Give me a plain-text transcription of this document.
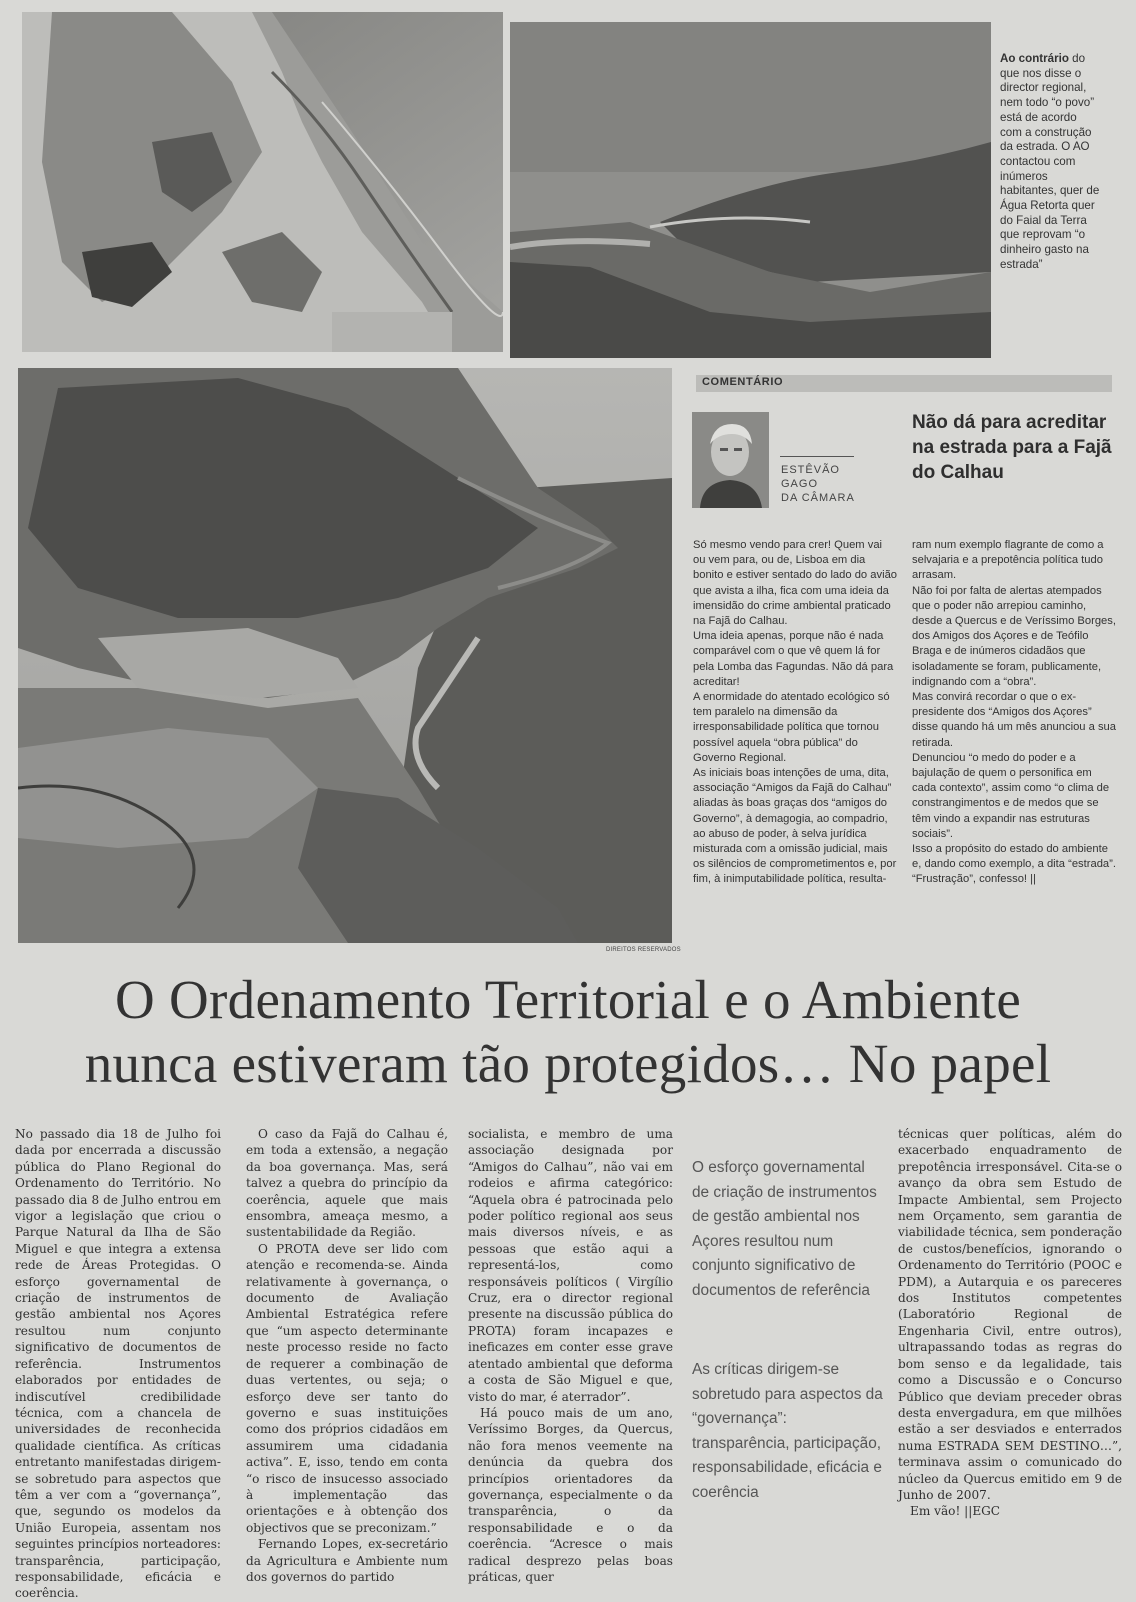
Ao contrário do que nos disse o director regional, nem todo “o povo” está de acordo com a construção da estrada. O AO contactou com inúmeros habitantes, quer de Água Retorta quer do Faial da Terra que reprovam “o dinheiro gasto na estrada”
DIREITOS RESERVADOS
COMENTÁRIO
ESTÊVÃO
GAGO
DA CÂMARA
Não dá para acreditar na estrada para a Fajã do Calhau

Só mesmo vendo para crer! Quem vai ou vem para, ou de, Lisboa em dia bonito e estiver sentado do lado do avião que avista a ilha, fica com uma ideia da imensidão do crime ambiental praticado na Fajã do Calhau.

Uma ideia apenas, porque não é nada comparável com o que vê quem lá for pela Lomba das Fagundas. Não dá para acreditar!

A enormidade do atentado ecológico só tem paralelo na dimensão da irresponsabilidade política que tornou possível aquela “obra pública” do Governo Regional.

As iniciais boas intenções de uma, dita, associação “Amigos da Fajã do Calhau” aliadas às boas graças dos “amigos do Governo”, à demagogia, ao compadrio, ao abuso de poder, à selva jurídica misturada com a omissão judicial, mais os silêncios de comprometimentos e, por fim, à inimputabilidade política, resulta-

ram num exemplo flagrante de como a selvajaria e a prepotência política tudo arrasam.

Não foi por falta de alertas atempados que o poder não arrepiou caminho, desde a Quercus e de Veríssimo Borges, dos Amigos dos Açores e de Teófilo Braga e de inúmeros cidadãos que isoladamente se foram, publicamente, indignando com a “obra”.

Mas convirá recordar o que o ex-presidente dos “Amigos dos Açores” disse quando há um mês anunciou a sua retirada.

Denunciou “o medo do poder e a bajulação de quem o personifica em cada contexto”, assim como “o clima de constrangimentos e de medos que se têm vindo a expandir nas estruturas sociais”.

Isso a propósito do estado do ambiente e, dando como exemplo, a dita “estrada”. “Frustração”, confesso! ||

O Ordenamento Territorial e o Ambiente
nunca estiveram tão protegidos… No papel

No passado dia 18 de Julho foi dada por encerrada a discussão pública do Plano Regional do Ordenamento do Território. No passado dia 8 de Julho entrou em vigor a legislação que criou o Parque Natural da Ilha de São Miguel e que integra a extensa rede de Áreas Protegidas. O esforço governamental de criação de instrumentos de gestão ambiental nos Açores resultou num conjunto significativo de documentos de referência. Instrumentos elaborados por entidades de indiscutível credibilidade técnica, com a chancela de universidades de reconhecida qualidade científica. As críticas entretanto manifestadas dirigem-se sobretudo para aspectos que têm a ver com a “governança”, que, segundo os modelos da União Europeia, assentam nos seguintes princípios norteadores: transparência, participação, responsabilidade, eficácia e coerência.

O caso da Fajã do Calhau é, em toda a extensão, a negação da boa governança. Mas, será talvez a quebra do princípio da coerência, aquele que mais ensombra, ameaça mesmo, a sustentabilidade da Região.

O PROTA deve ser lido com atenção e recomenda-se. Ainda relativamente à governança, o documento de Avaliação Ambiental Estratégica refere que “um aspecto determinante neste processo reside no facto de requerer a combinação de duas vertentes, ou seja; o esforço deve ser tanto do governo e suas instituições como dos próprios cidadãos em assumirem uma cidadania activa”. E, isso, tendo em conta “o risco de insucesso associado à implementação das orientações e à obtenção dos objectivos que se preconizam.”

Fernando Lopes, ex-secretário da Agricultura e Ambiente num dos governos do partido

socialista, e membro de uma associação designada por “Amigos do Calhau”, não vai em rodeios e afirma categórico: “Aquela obra é patrocinada pelo poder político regional aos seus mais diversos níveis, e as pessoas que estão aqui a representá-los, como responsáveis políticos ( Virgílio Cruz, era o director regional presente na discussão pública do PROTA) foram incapazes e ineficazes em conter esse grave atentado ambiental que deforma a costa de São Miguel e que, visto do mar, é aterrador”.

Há pouco mais de um ano, Veríssimo Borges, da Quercus, não fora menos veemente na denúncia da quebra dos princípios orientadores da governança, especialmente o da transparência, o da responsabilidade e o da coerência. “Acresce o mais radical desprezo pelas boas práticas, quer

O esforço governamental de criação de instrumentos de gestão ambiental nos Açores resultou num conjunto significativo de documentos de referência
As críticas dirigem-se sobretudo para aspectos da “governança”: transparência, participação, responsabilidade, eficácia e coerência

técnicas quer políticas, além do exacerbado enquadramento de prepotência irresponsável. Cita-se o avanço da obra sem Estudo de Impacte Ambiental, sem Projecto nem Orçamento, sem garantia de viabilidade técnica, sem ponderação de custos/benefícios, ignorando o Ordenamento do Território (POOC e PDM), a Autarquia e os pareceres dos Institutos competentes (Laboratório Regional de Engenharia Civil, entre outros), ultrapassando todas as regras do bom senso e da legalidade, tais como a Discussão e o Concurso Público que deviam preceder obras desta envergadura, em que milhões estão a ser desviados e enterrados numa ESTRADA SEM DESTINO…”, terminava assim o comunicado do núcleo da Quercus emitido em 9 de Junho de 2007.

Em vão! ||EGC
